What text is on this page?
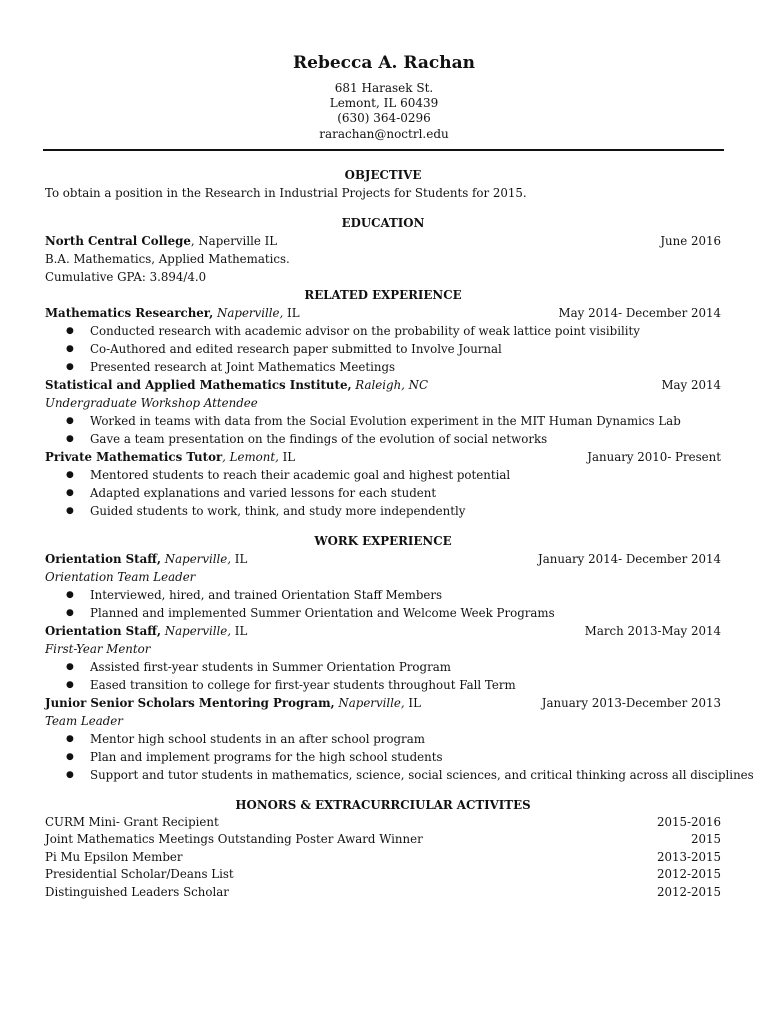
Rebecca A. Rachan
681 Harasek St.
Lemont, IL 60439
(630) 364-0296
rarachan@noctrl.edu
OBJECTIVE
To obtain a position in the Research in Industrial Projects for Students for 2015.
EDUCATION
North Central College, Naperville IL	June 2016
B.A. Mathematics, Applied Mathematics.
Cumulative GPA: 3.894/4.0
RELATED EXPERIENCE
Mathematics Researcher, Naperville, IL	May 2014- December 2014
● Conducted research with academic advisor on the probability of weak lattice point visibility
● Co-Authored and edited research paper submitted to Involve Journal
● Presented research at Joint Mathematics Meetings
Statistical and Applied Mathematics Institute, Raleigh, NC	May 2014
Undergraduate Workshop Attendee
● Worked in teams with data from the Social Evolution experiment in the MIT Human Dynamics Lab
● Gave a team presentation on the findings of the evolution of social networks
Private Mathematics Tutor, Lemont, IL	January 2010- Present
● Mentored students to reach their academic goal and highest potential
● Adapted explanations and varied lessons for each student
● Guided students to work, think, and study more independently
WORK EXPERIENCE
Orientation Staff, Naperville, IL	January 2014- December 2014
Orientation Team Leader
● Interviewed, hired, and trained Orientation Staff Members
● Planned and implemented Summer Orientation and Welcome Week Programs
Orientation Staff, Naperville, IL	March 2013-May 2014
First-Year Mentor
● Assisted first-year students in Summer Orientation Program
● Eased transition to college for first-year students throughout Fall Term
Junior Senior Scholars Mentoring Program, Naperville, IL	January 2013-December 2013
Team Leader
● Mentor high school students in an after school program
● Plan and implement programs for the high school students
● Support and tutor students in mathematics, science, social sciences, and critical thinking across all disciplines
HONORS & EXTRACURRCIULAR ACTIVITES
CURM Mini- Grant Recipient	2015-2016
Joint Mathematics Meetings Outstanding Poster Award Winner	2015
Pi Mu Epsilon Member	2013-2015
Presidential Scholar/Deans List	2012-2015
Distinguished Leaders Scholar	2012-2015
